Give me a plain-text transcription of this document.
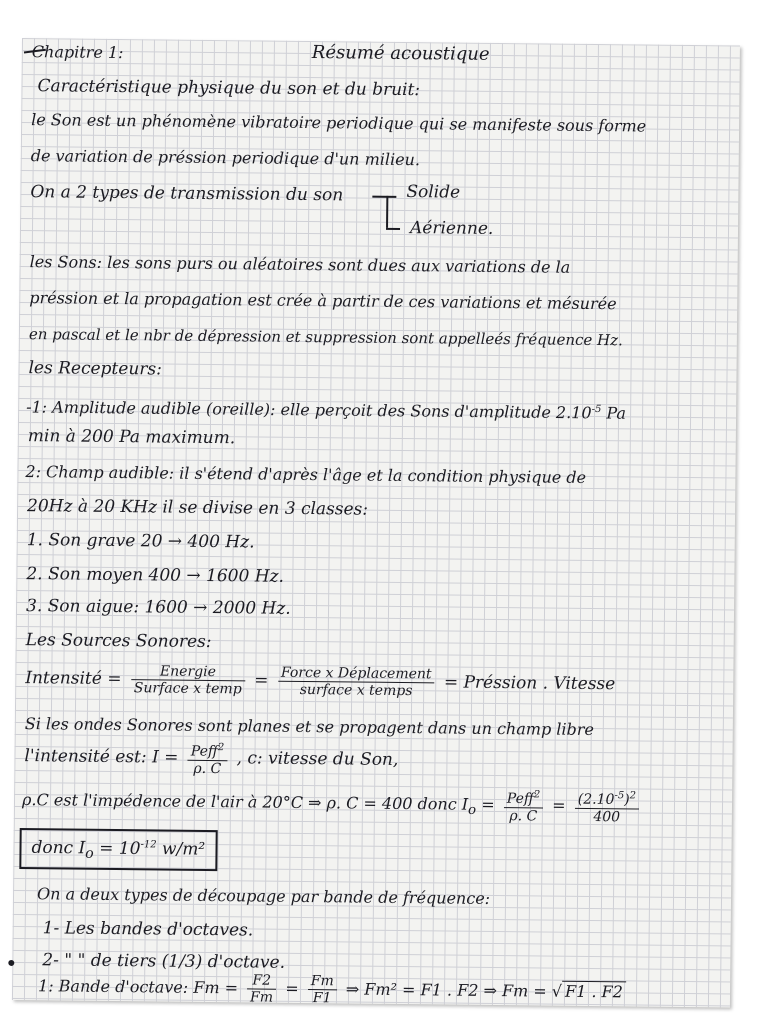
Chapitre 1:	Résumé acoustique
Caractéristique physique du son et du bruit:
le Son est un phénomène vibratoire periodique qui se manifeste sous forme
de variation de préssion periodique d'un milieu.
On a 2 types de transmission du son	Solide
Aérienne.
les Sons: les sons purs ou aléatoires sont dues aux variations de la
préssion et la propagation est crée à partir de ces variations et mésurée
en pascal et le nbr de dépression et suppression sont appelleés fréquence Hz.
les Recepteurs:
-1: Amplitude audible (oreille): elle perçoit des Sons d'amplitude $2.10^{-5}$ Pa
min à 200 Pa maximum.
2: Champ audible: il s'étend d'après l'âge et la condition physique de
20Hz à 20 KHz il se divise en 3 classes:
1. Son grave 20 → 400 Hz.
2. Son moyen 400 → 1600 Hz.
3. Son aigue: 1600 → 2000 Hz.
Les Sources Sonores:
Intensité = $\frac{\text{Energie}}{\text{Surface x temp}} = \frac{\text{Force x Déplacement}}{\text{surface x temps}}$ = Préssion . Vitesse
Si les ondes Sonores sont planes et se propagent dans un champ libre
l'intensité est: $I = \frac{Peff^2}{\rho. C}$ , c: vitesse du Son,
ρ.C est l'impédence de l'air à 20°C ⇒ ρ. C = 400 donc $I_o = \frac{Peff^2}{\rho. C} = \frac{(2.10^{-5})^2}{400}$
donc $I_o = 10^{-12}$ w/m²
On a deux types de découpage par bande de fréquence:
1- Les bandes d'octaves.
2- " " de tiers (1/3) d'octave.
1: Bande d'octave: $Fm = \frac{F2}{Fm} = \frac{Fm}{F1}$ ⇒ Fm² = F1 . F2 ⇒ Fm = √ F1 . F2
